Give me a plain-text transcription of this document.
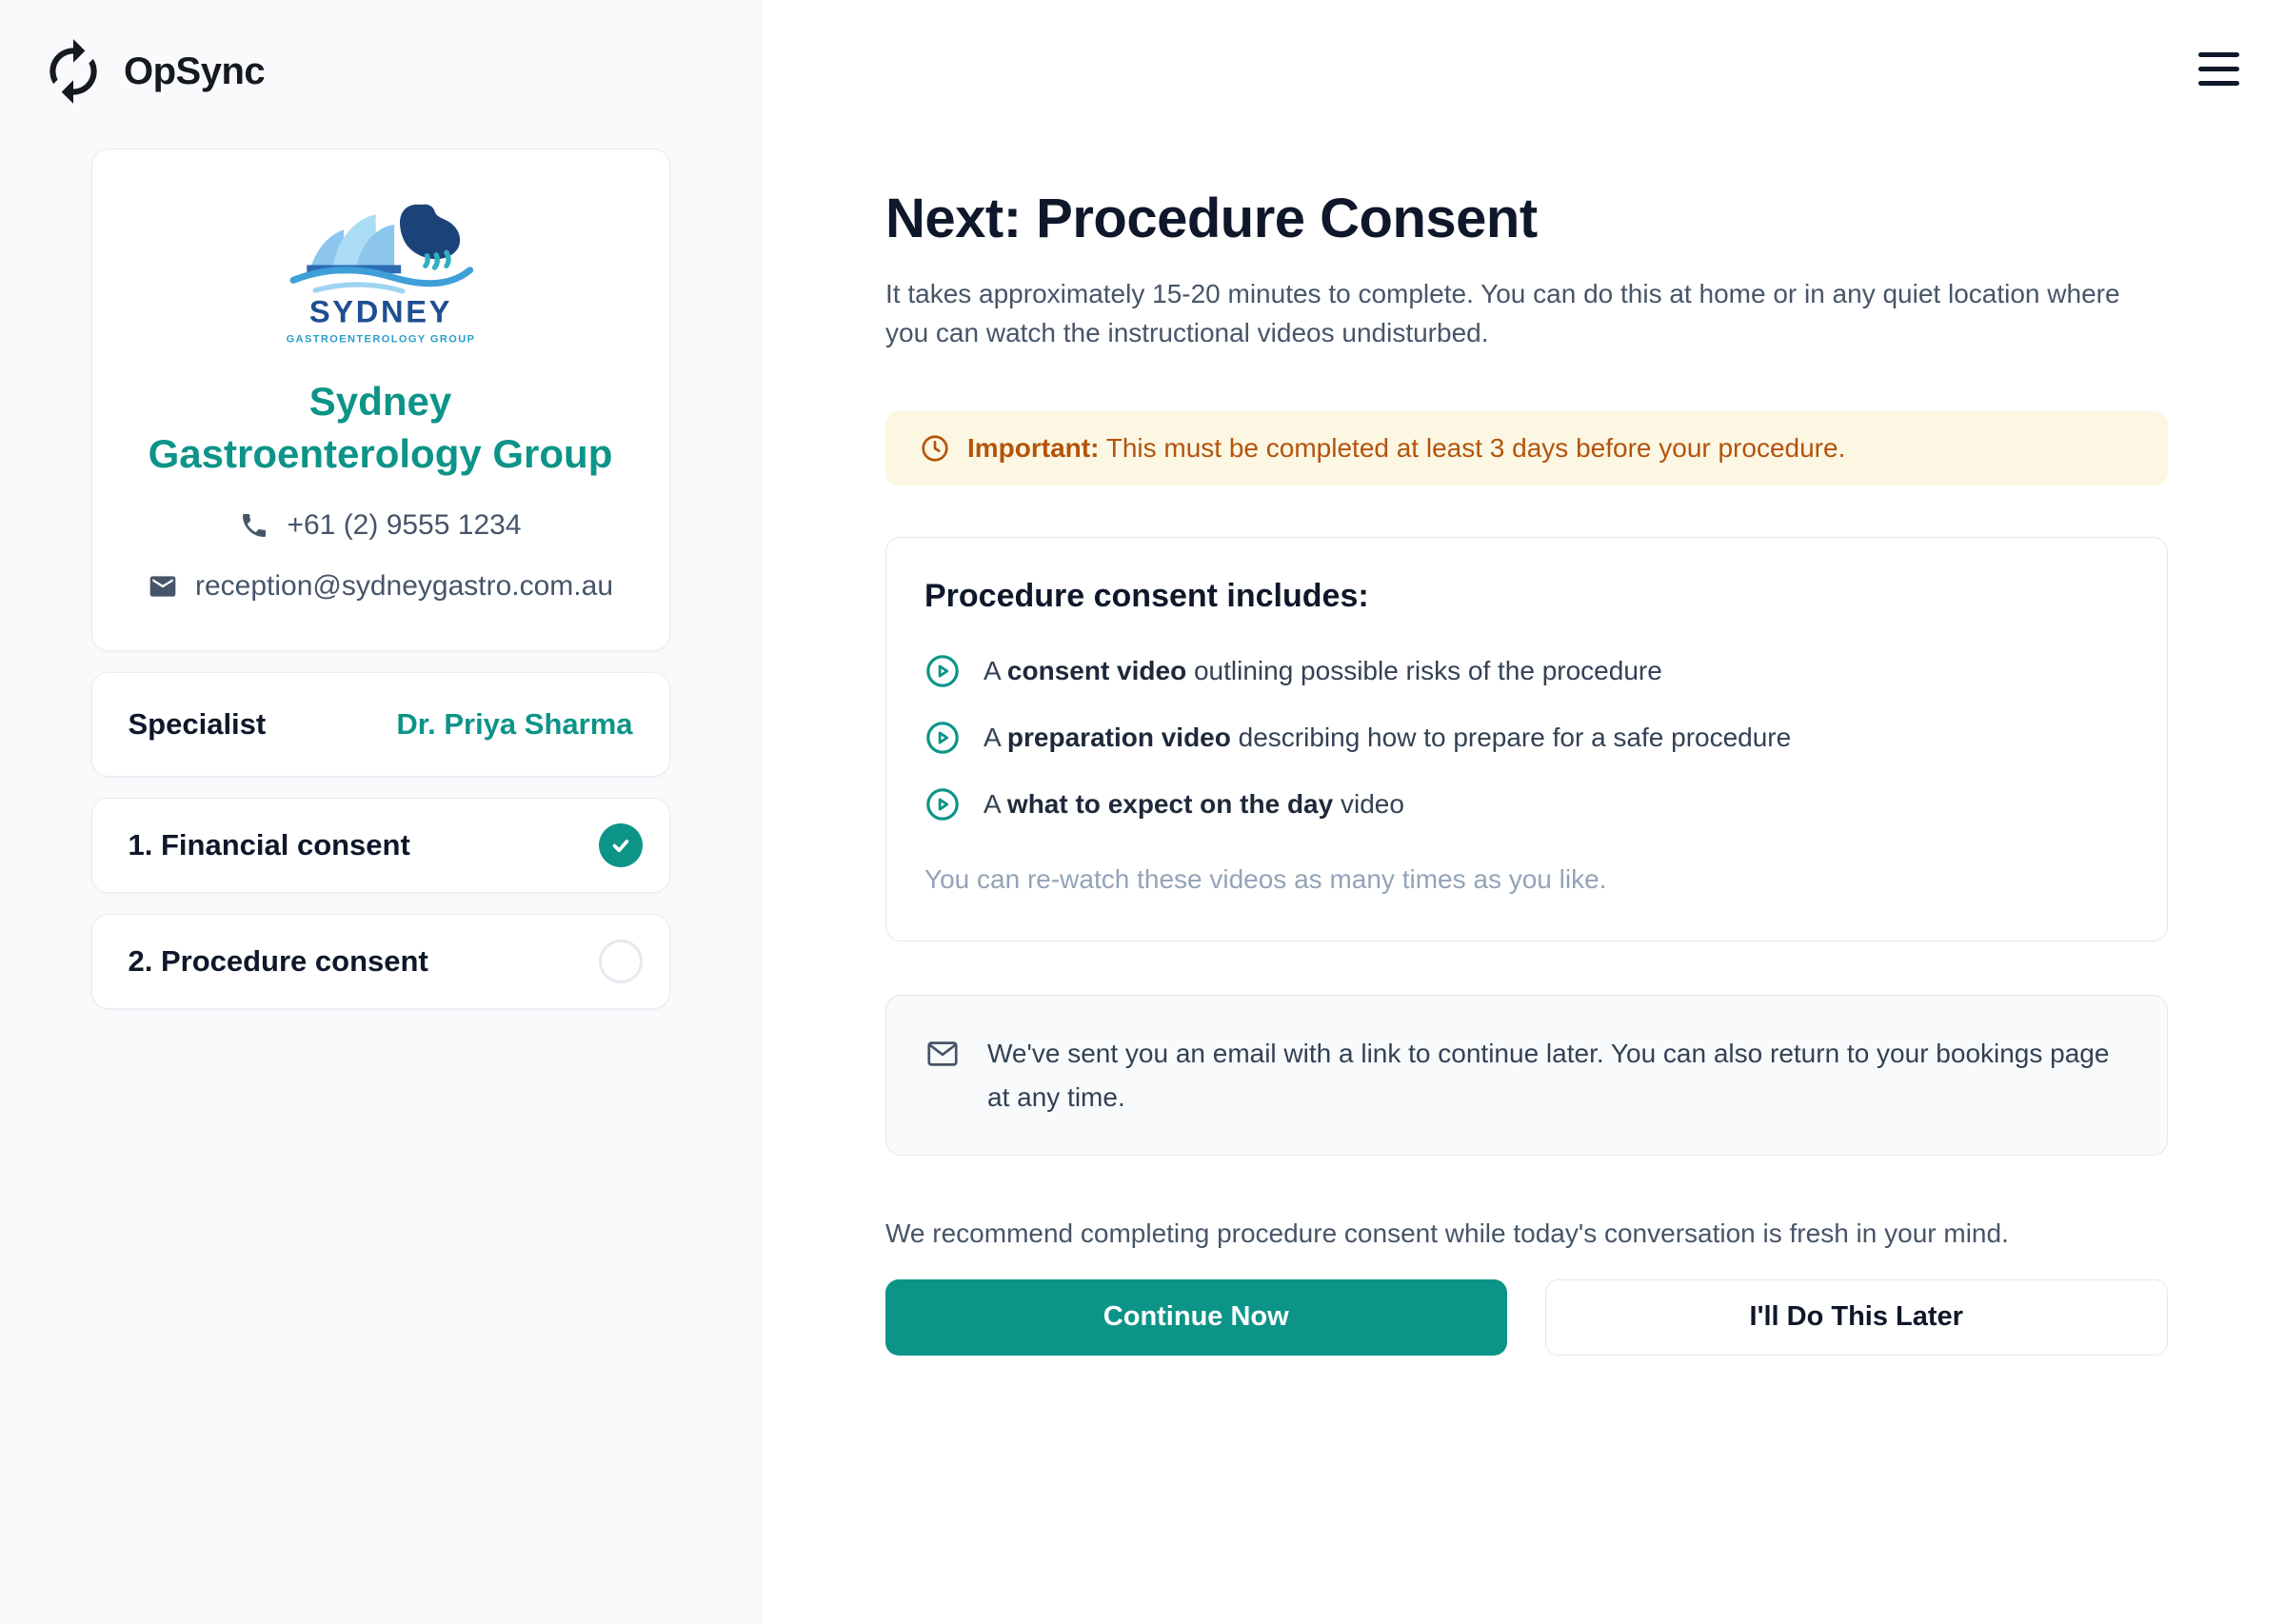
OpSync
SYDNEY
GASTROENTEROLOGY GROUP
Sydney
Gastroenterology Group
+61 (2) 9555 1234
reception@sydneygastro.com.au
Specialist	Dr. Priya Sharma
1. Financial consent
2. Procedure consent
Next: Procedure Consent

It takes approximately 15-20 minutes to complete. You can do this at home or in any quiet location where you can watch the instructional videos undisturbed.

Important: This must be completed at least 3 days before your procedure.

Procedure consent includes:
A consent video outlining possible risks of the procedure
A preparation video describing how to prepare for a safe procedure
A what to expect on the day video

You can re-watch these videos as many times as you like.

We've sent you an email with a link to continue later. You can also return to your bookings page at any time.

We recommend completing procedure consent while today's conversation is fresh in your mind.

Continue Now	I'll Do This Later
